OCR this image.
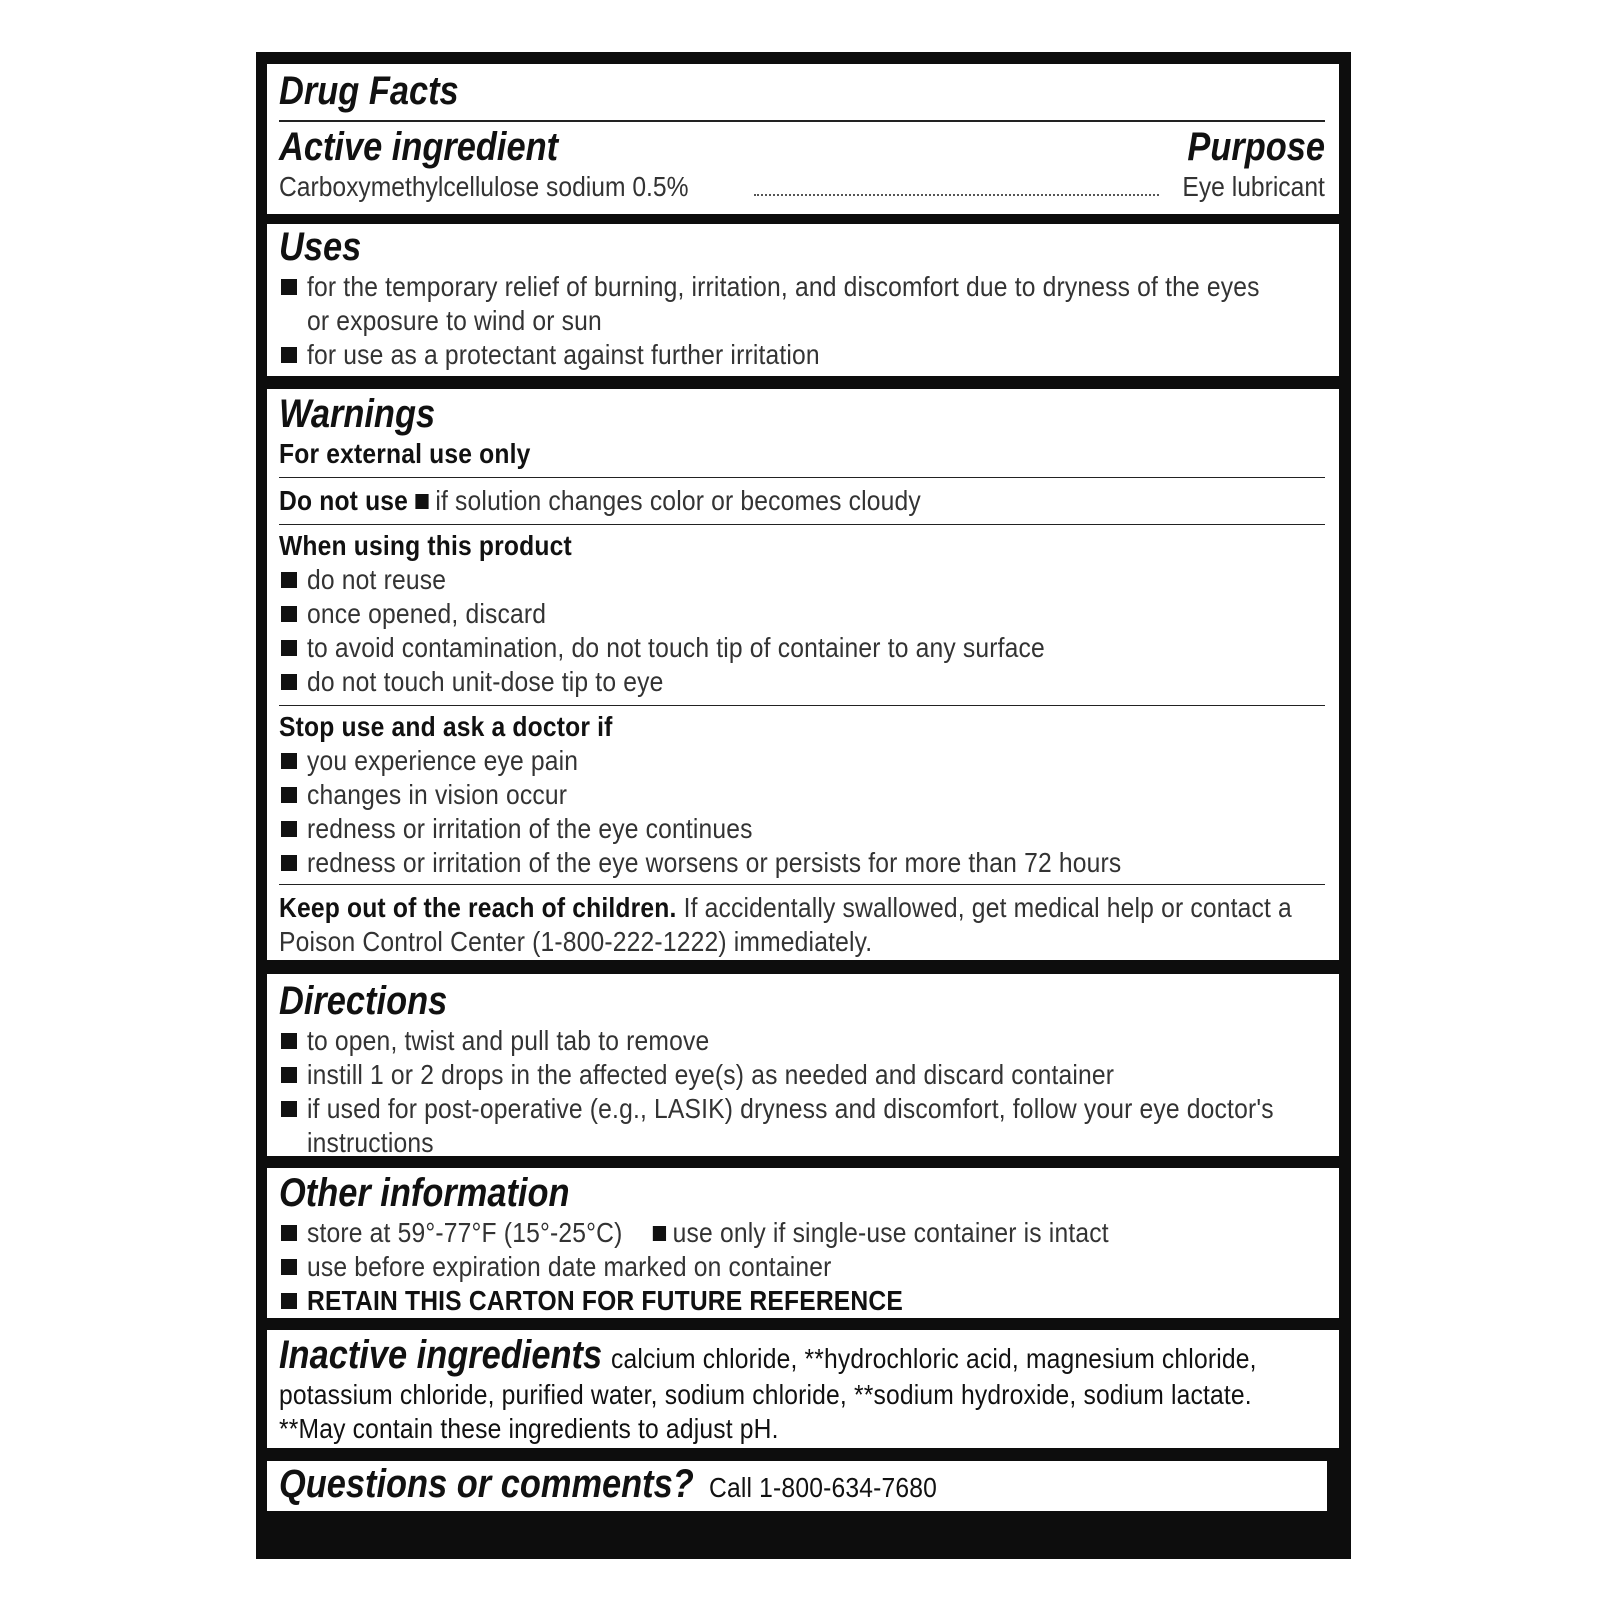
Drug Facts
Active ingredient	Purpose
Carboxymethylcellulose sodium 0.5%	Eye lubricant
Uses
for the temporary relief of burning, irritation, and discomfort due to dryness of the eyes
or exposure to wind or sun
for use as a protectant against further irritation
Warnings
For external use only
Do not use if solution changes color or becomes cloudy
When using this product
do not reuse
once opened, discard
to avoid contamination, do not touch tip of container to any surface
do not touch unit-dose tip to eye
Stop use and ask a doctor if
you experience eye pain
changes in vision occur
redness or irritation of the eye continues
redness or irritation of the eye worsens or persists for more than 72 hours
Keep out of the reach of children. If accidentally swallowed, get medical help or contact a
Poison Control Center (1-800-222-1222) immediately.
Directions
to open, twist and pull tab to remove
instill 1 or 2 drops in the affected eye(s) as needed and discard container
if used for post-operative (e.g., LASIK) dryness and discomfort, follow your eye doctor's
instructions
Other information
store at 59°-77°F (15°-25°C) use only if single-use container is intact
use before expiration date marked on container
RETAIN THIS CARTON FOR FUTURE REFERENCE
Inactive ingredients calcium chloride, **hydrochloric acid, magnesium chloride,
potassium chloride, purified water, sodium chloride, **sodium hydroxide, sodium lactate.
**May contain these ingredients to adjust pH.
Questions or comments? Call 1-800-634-7680
